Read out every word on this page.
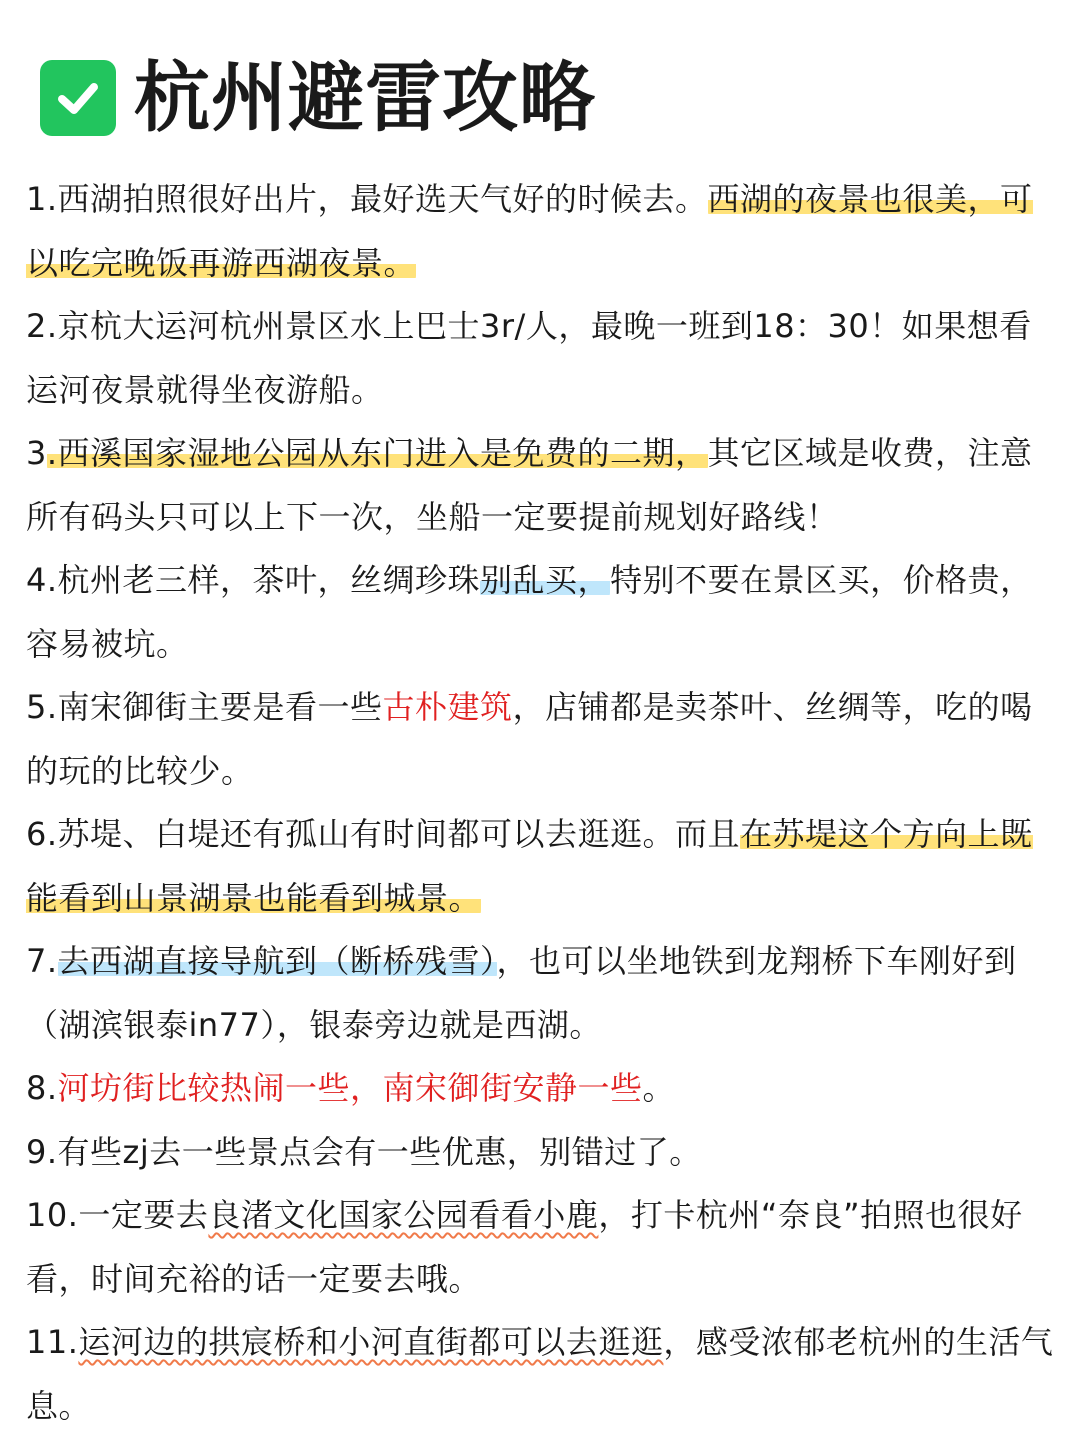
杭州避雷攻略

1.西湖拍照很好出片，最好选天气好的时候去。西湖的夜景也很美，可以吃完晚饭再游西湖夜景。

2.京杭大运河杭州景区水上巴士3r/人，最晚一班到18：30！如果想看运河夜景就得坐夜游船。

3.西溪国家湿地公园从东门进入是免费的二期，其它区域是收费，注意所有码头只可以上下一次，坐船一定要提前规划好路线！

4.杭州老三样，茶叶，丝绸珍珠别乱买，特别不要在景区买，价格贵，容易被坑。

5.南宋御街主要是看一些古朴建筑，店铺都是卖茶叶、丝绸等，吃的喝的玩的比较少。

6.苏堤、白堤还有孤山有时间都可以去逛逛。而且在苏堤这个方向上既能看到山景湖景也能看到城景。

7.去西湖直接导航到（断桥残雪），也可以坐地铁到龙翔桥下车刚好到（湖滨银泰in77），银泰旁边就是西湖。

8.河坊街比较热闹一些，南宋御街安静一些。

9.有些zj去一些景点会有一些优惠，别错过了。

10.一定要去良渚文化国家公园看看小鹿，打卡杭州“奈良”拍照也很好看，时间充裕的话一定要去哦。

11.运河边的拱宸桥和小河直街都可以去逛逛，感受浓郁老杭州的生活气息。
